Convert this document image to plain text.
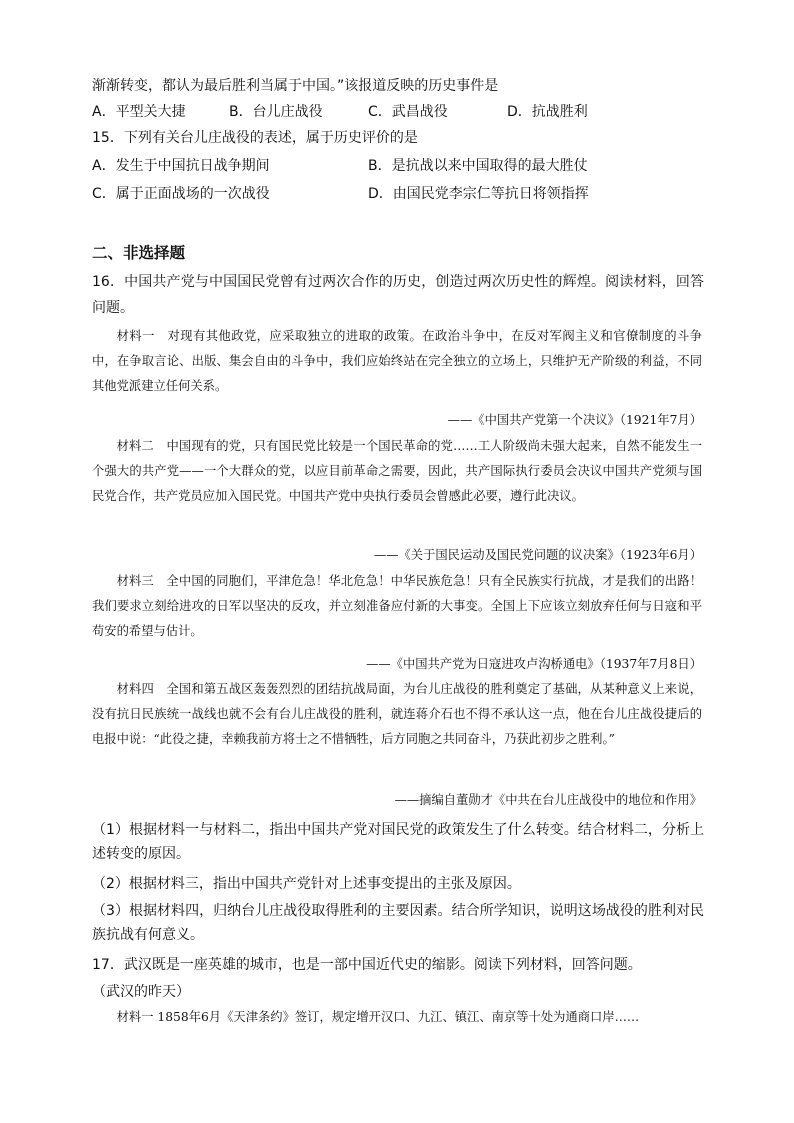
渐渐转变，都认为最后胜利当属于中国。”该报道反映的历史事件是
A．平型关大捷	B．台儿庄战役	C．武昌战役	D．抗战胜利
15．下列有关台儿庄战役的表述，属于历史评价的是
A．发生于中国抗日战争期间	B．是抗战以来中国取得的最大胜仗
C．属于正面战场的一次战役	D．由国民党李宗仁等抗日将领指挥
二、非选择题
16．中国共产党与中国国民党曾有过两次合作的历史，创造过两次历史性的辉煌。阅读材料，回答问题。
材料一　对现有其他政党，应采取独立的进取的政策。在政治斗争中，在反对军阀主义和官僚制度的斗争中，在争取言论、出版、集会自由的斗争中，我们应始终站在完全独立的立场上，只维护无产阶级的利益，不同其他党派建立任何关系。
——《中国共产党第一个决议》（1921年7月）
材料二　中国现有的党，只有国民党比较是一个国民革命的党……工人阶级尚未强大起来，自然不能发生一个强大的共产党——一个大群众的党，以应目前革命之需要，因此，共产国际执行委员会决议中国共产党须与国民党合作，共产党员应加入国民党。中国共产党中央执行委员会曾感此必要，遵行此决议。
——《关于国民运动及国民党问题的议决案》（1923年6月）
材料三　全中国的同胞们，平津危急！华北危急！中华民族危急！只有全民族实行抗战，才是我们的出路！我们要求立刻给进攻的日军以坚决的反攻，并立刻准备应付新的大事变。全国上下应该立刻放弃任何与日寇和平苟安的希望与估计。
——《中国共产党为日寇进攻卢沟桥通电》（1937年7月8日）
材料四　全国和第五战区轰轰烈烈的团结抗战局面，为台儿庄战役的胜利奠定了基础，从某种意义上来说，没有抗日民族统一战线也就不会有台儿庄战役的胜利，就连蒋介石也不得不承认这一点，他在台儿庄战役捷后的电报中说：“此役之捷，幸赖我前方将士之不惜牺牲，后方同胞之共同奋斗，乃获此初步之胜利。”
——摘编自董勋才《中共在台儿庄战役中的地位和作用》
（1）根据材料一与材料二，指出中国共产党对国民党的政策发生了什么转变。结合材料二，分析上述转变的原因。
（2）根据材料三，指出中国共产党针对上述事变提出的主张及原因。
（3）根据材料四，归纳台儿庄战役取得胜利的主要因素。结合所学知识，说明这场战役的胜利对民族抗战有何意义。
17．武汉既是一座英雄的城市，也是一部中国近代史的缩影。阅读下列材料，回答问题。
（武汉的昨天）
材料一 1858年6月《天津条约》签订，规定增开汉口、九江、镇江、南京等十处为通商口岸……
